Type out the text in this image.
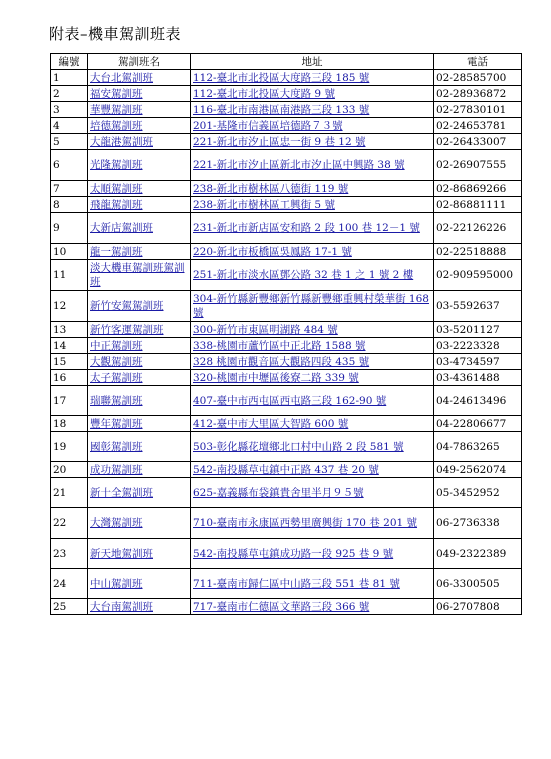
附表–機車駕訓班表
編號	駕訓班名	地址	電話
1	大台北駕訓班	112-臺北市北投區大度路三段 185 號	02-28585700
2	福安駕訓班	112-臺北市北投區大度路 9 號	02-28936872
3	華豐駕訓班	116-臺北市南港區南港路三段 133 號	02-27830101
4	培德駕訓班	201-基隆市信義區培德路７３號	02-24653781
5	大龍港駕訓班	221-新北市汐止區忠一街 9 巷 12 號	02-26433007
6	光隆駕訓班	221-新北市汐止區新北市汐止區中興路 38 號	02-26907555
7	太順駕訓班	238-新北市樹林區八德街 119 號	02-86869266
8	飛龍駕訓班	238-新北市樹林區工興街 5 號	02-86881111
9	大新店駕訓班	231-新北市新店區安和路 2 段 100 巷 12－1 號	02-22126226
10	龍一駕訓班	220-新北市板橋區吳鳳路 17-1 號	02-22518888
11	淡大機車駕訓班駕訓班	251-新北市淡水區鄧公路 32 巷 1 之 1 號 2 樓	02-909595000
12	新竹安駕駕訓班	304-新竹縣新豐鄉新竹縣新豐鄉重興村榮華街 168 號	03-5592637
13	新竹客運駕訓班	300-新竹市東區明湖路 484 號	03-5201127
14	中正駕訓班	338-桃園市蘆竹區中正北路 1588 號	03-2223328
15	大觀駕訓班	328 桃園市觀音區大觀路四段 435 號	03-4734597
16	太子駕訓班	320-桃園市中壢區後寮二路 339 號	03-4361488
17	瑞聯駕訓班	407-臺中市西屯區西屯路三段 162-90 號	04-24613496
18	豐年駕訓班	412-臺中市大里區大智路 600 號	04-22806677
19	國彰駕訓班	503-彰化縣花壇鄉北口村中山路 2 段 581 號	04-7863265
20	成功駕訓班	542-南投縣草屯鎮中正路 437 巷 20 號	049-2562074
21	新十全駕訓班	625-嘉義縣布袋鎮貴舍里半月９５號	05-3452952
22	大灣駕訓班	710-臺南市永康區西勢里廣興街 170 巷 201 號	06-2736338
23	新天地駕訓班	542-南投縣草屯鎮成功路一段 925 巷 9 號	049-2322389
24	中山駕訓班	711-臺南市歸仁區中山路三段 551 巷 81 號	06-3300505
25	大台南駕訓班	717-臺南市仁德區文華路三段 366 號	06-2707808
